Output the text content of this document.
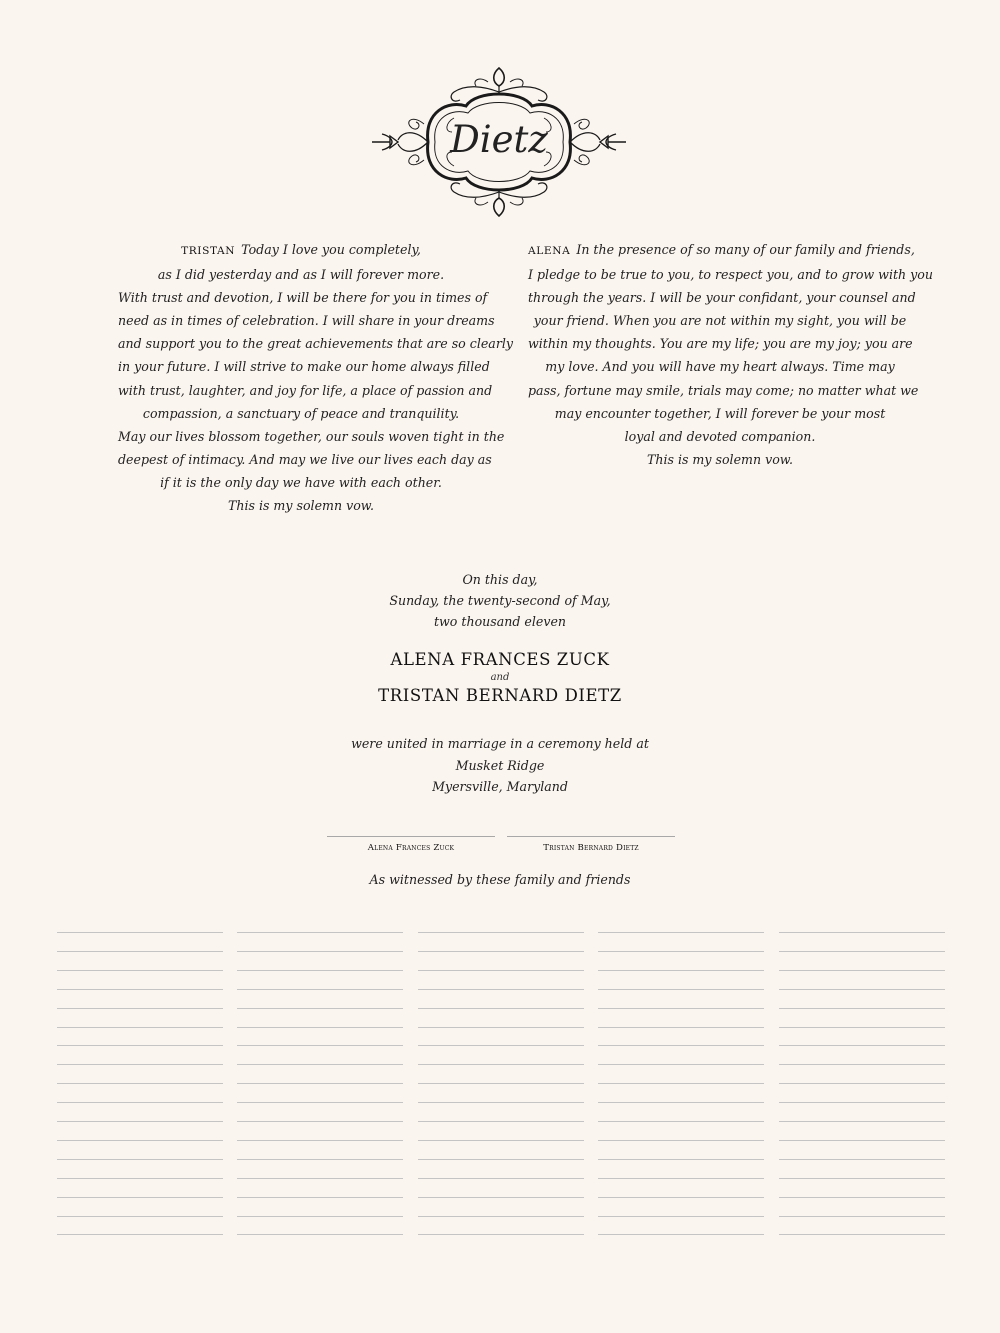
Dietz
TRISTAN Today I love you completely,
as I did yesterday and as I will forever more.
With trust and devotion, I will be there for you in times of
need as in times of celebration. I will share in your dreams
and support you to the great achievements that are so clearly
in your future. I will strive to make our home always filled
with trust, laughter, and joy for life, a place of passion and
compassion, a sanctuary of peace and tranquility.
May our lives blossom together, our souls woven tight in the
deepest of intimacy. And may we live our lives each day as
if it is the only day we have with each other.
This is my solemn vow.
ALENA In the presence of so many of our family and friends,
I pledge to be true to you, to respect you, and to grow with you
through the years. I will be your confidant, your counsel and
your friend. When you are not within my sight, you will be
within my thoughts. You are my life; you are my joy; you are
my love. And you will have my heart always. Time may
pass, fortune may smile, trials may come; no matter what we
may encounter together, I will forever be your most
loyal and devoted companion.
This is my solemn vow.
On this day,
Sunday, the twenty-second of May,
two thousand eleven
ALENA FRANCES ZUCK
and
TRISTAN BERNARD DIETZ
were united in marriage in a ceremony held at
Musket Ridge
Myersville, Maryland
Alena Frances Zuck	Tristan Bernard Dietz
As witnessed by these family and friends
